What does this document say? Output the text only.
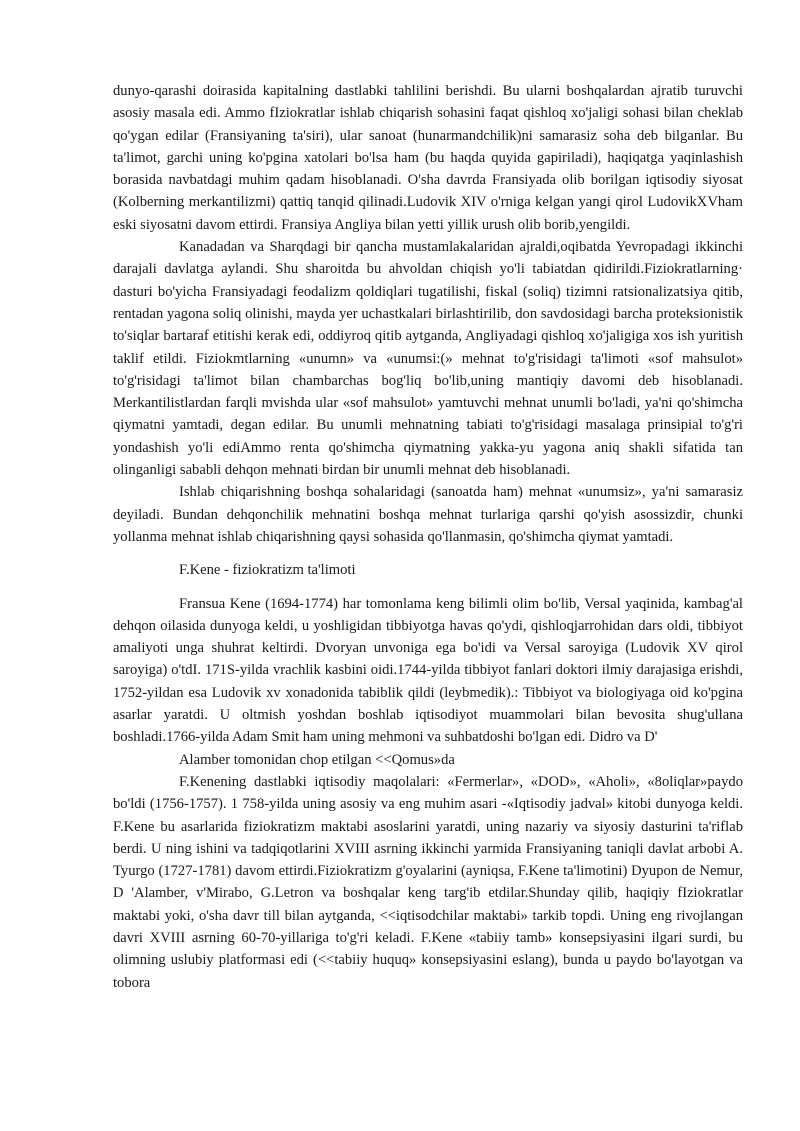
dunyo-qarashi doirasida kapitalning dastlabki tahlilini berishdi. Bu ularni boshqalardan ajratib turuvchi asosiy masala edi. Ammo fIziokratlar ishlab chiqarish sohasini faqat qishloq xo'jaligi sohasi bilan cheklab qo'ygan edilar (Fransiyaning ta'siri), ular sanoat (hunarmandchilik)ni samarasiz soha deb bilganlar. Bu ta'limot, garchi uning ko'pgina xatolari bo'lsa ham (bu haqda quyida gapiriladi), haqiqatga yaqinlashish borasida navbatdagi muhim qadam hisoblanadi. O'sha davrda Fransiyada olib borilgan iqtisodiy siyosat (Kolberning merkantilizmi) qattiq tanqid qilinadi.Ludovik XIV o'rniga kelgan yangi qirol LudovikXVham eski siyosatni davom ettirdi. Fransiya Angliya bilan yetti yillik urush olib borib,yengildi.

Kanadadan va Sharqdagi bir qancha mustamlakalaridan ajraldi,oqibatda Yevropadagi ikkinchi darajali davlatga aylandi. Shu sharoitda bu ahvoldan chiqish yo'li tabiatdan qidirildi.Fiziokratlarning· dasturi bo'yicha Fransiyadagi feodalizm qoldiqlari tugatilishi, fiskal (soliq) tizimni ratsionalizatsiya qitib, rentadan yagona soliq olinishi, mayda yer uchastkalari birlashtirilib, don savdosidagi barcha proteksionistik to'siqlar bartaraf etitishi kerak edi, oddiyroq qitib aytganda, Angliyadagi qishloq xo'jaligiga xos ish yuritish taklif etildi. Fiziokmtlarning «unumn» va «unumsi:(» mehnat to'g'risidagi ta'limoti «sof mahsulot» to'g'risidagi ta'limot bilan chambarchas bog'liq bo'lib,uning mantiqiy davomi deb hisoblanadi. Merkantilistlardan farqli mvishda ular «sof mahsulot» yamtuvchi mehnat unumli bo'ladi, ya'ni qo'shimcha qiymatni yamtadi, degan edilar. Bu unumli mehnatning tabiati to'g'risidagi masalaga prinsipial to'g'ri yondashish yo'li ediAmmo renta qo'shimcha qiymatning yakka-yu yagona aniq shakli sifatida tan olinganligi sababli dehqon mehnati birdan bir unumli mehnat deb hisoblanadi.

Ishlab chiqarishning boshqa sohalaridagi (sanoatda ham) mehnat «unumsiz», ya'ni samarasiz deyiladi. Bundan dehqonchilik mehnatini boshqa mehnat turlariga qarshi qo'yish asossizdir, chunki yollanma mehnat ishlab chiqarishning qaysi sohasida qo'llanmasin, qo'shimcha qiymat yamtadi.

F.Kene - fiziokratizm ta'limoti

Fransua Kene (1694-1774) har tomonlama keng bilimli olim bo'lib, Versal yaqinida, kambag'al dehqon oilasida dunyoga keldi, u yoshligidan tibbiyotga havas qo'ydi, qishloqjarrohidan dars oldi, tibbiyot amaliyoti unga shuhrat keltirdi. Dvoryan unvoniga ega bo'idi va Versal saroyiga (Ludovik XV qirol saroyiga) o'tdI. 171S-yilda vrachlik kasbini oidi.1744-yilda tibbiyot fanlari doktori ilmiy darajasiga erishdi, 1752-yildan esa Ludovik xv xonadonida tabiblik qildi (leybmedik).: Tibbiyot va biologiyaga oid ko'pgina asarlar yaratdi. U oltmish yoshdan boshlab iqtisodiyot muammolari bilan bevosita shug'ullana boshladi.1766-yilda Adam Smit ham uning mehmoni va suhbatdoshi bo'lgan edi. Didro va D'

Alamber tomonidan chop etilgan <<Qomus»da

F.Kenening dastlabki iqtisodiy maqolalari: «Fermerlar», «DOD», «Aholi», «8oliqlar»paydo bo'ldi (1756-1757). 1 758-yilda uning asosiy va eng muhim asari -«Iqtisodiy jadval» kitobi dunyoga keldi. F.Kene bu asarlarida fiziokratizm maktabi asoslarini yaratdi, uning nazariy va siyosiy dasturini ta'riflab berdi. U ning ishini va tadqiqotlarini XVIII asrning ikkinchi yarmida Fransiyaning taniqli davlat arbobi A. Tyurgo (1727-1781) davom ettirdi.Fiziokratizm g'oyalarini (ayniqsa, F.Kene ta'limotini) Dyupon de Nemur, D 'Alamber, v'Mirabo, G.Letron va boshqalar keng targ'ib etdilar.Shunday qilib, haqiqiy fIziokratlar maktabi yoki, o'sha davr till bilan aytganda, <<iqtisodchilar maktabi» tarkib topdi. Uning eng rivojlangan davri XVIII asrning 60-70-yillariga to'g'ri keladi. F.Kene «tabiiy tamb» konsepsiyasini ilgari surdi, bu olimning uslubiy platformasi edi (<<tabiiy huquq» konsepsiyasini eslang), bunda u paydo bo'layotgan va tobora
